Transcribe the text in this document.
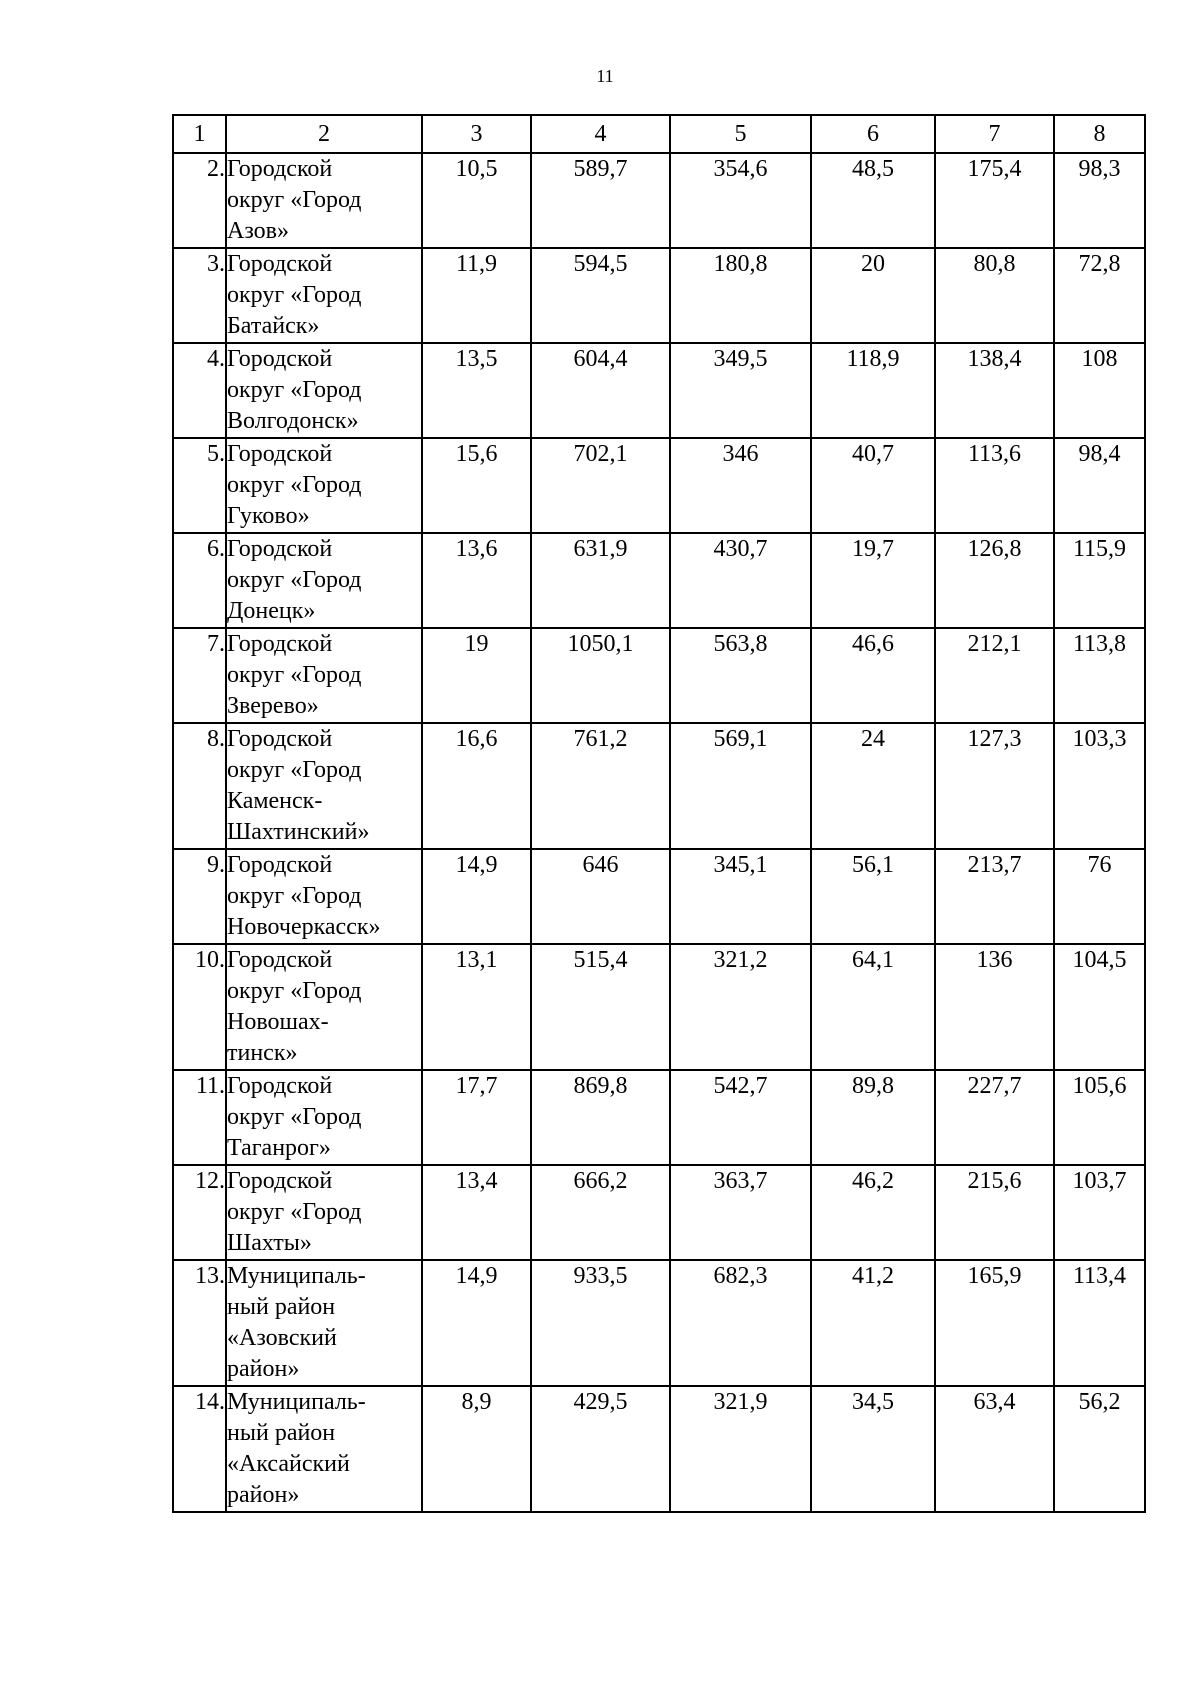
11
1	2	3	4	5	6	7	8
2.	Городской
округ «Город
Азов»	10,5	589,7	354,6	48,5	175,4	98,3
3.	Городской
округ «Город
Батайск»	11,9	594,5	180,8	20	80,8	72,8
4.	Городской
округ «Город
Волгодонск»	13,5	604,4	349,5	118,9	138,4	108
5.	Городской
округ «Город
Гуково»	15,6	702,1	346	40,7	113,6	98,4
6.	Городской
округ «Город
Донецк»	13,6	631,9	430,7	19,7	126,8	115,9
7.	Городской
округ «Город
Зверево»	19	1050,1	563,8	46,6	212,1	113,8
8.	Городской
округ «Город
Каменск-
Шахтинский»	16,6	761,2	569,1	24	127,3	103,3
9.	Городской
округ «Город
Новочеркасск»	14,9	646	345,1	56,1	213,7	76
10.	Городской
округ «Город
Новошах-
тинск»	13,1	515,4	321,2	64,1	136	104,5
11.	Городской
округ «Город
Таганрог»	17,7	869,8	542,7	89,8	227,7	105,6
12.	Городской
округ «Город
Шахты»	13,4	666,2	363,7	46,2	215,6	103,7
13.	Муниципаль-
ный район
«Азовский
район»	14,9	933,5	682,3	41,2	165,9	113,4
14.	Муниципаль-
ный район
«Аксайский
район»	8,9	429,5	321,9	34,5	63,4	56,2
